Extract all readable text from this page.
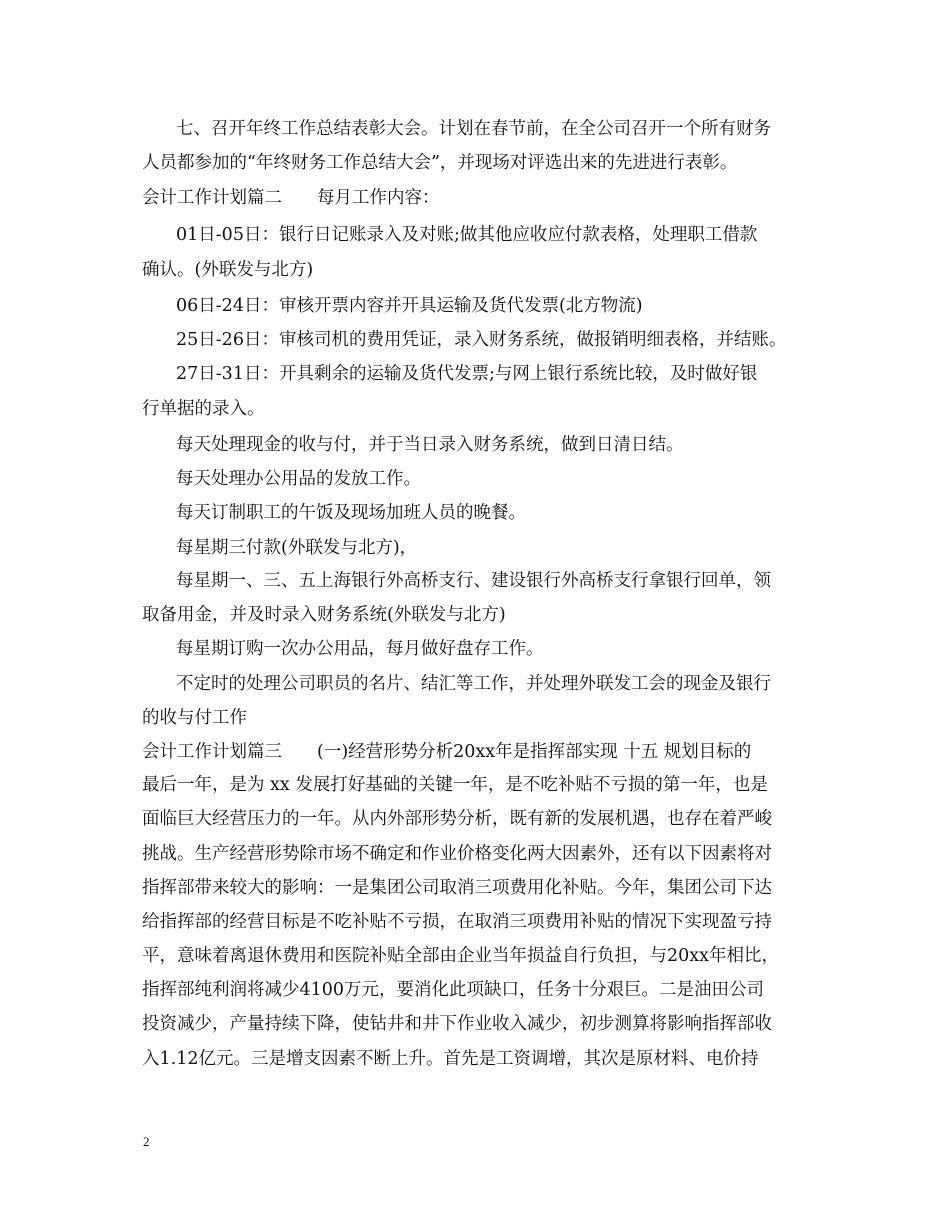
七、召开年终工作总结表彰大会。计划在春节前，在全公司召开一个所有财务
人员都参加的“年终财务工作总结大会”，并现场对评选出来的先进进行表彰。
会计工作计划篇二　　每月工作内容：
01日-05日：银行日记账录入及对账;做其他应收应付款表格，处理职工借款
确认。(外联发与北方)
06日-24日：审核开票内容并开具运输及货代发票(北方物流)
25日-26日：审核司机的费用凭证，录入财务系统，做报销明细表格，并结账。
27日-31日：开具剩余的运输及货代发票;与网上银行系统比较，及时做好银
行单据的录入。
每天处理现金的收与付，并于当日录入财务系统，做到日清日结。
每天处理办公用品的发放工作。
每天订制职工的午饭及现场加班人员的晚餐。
每星期三付款(外联发与北方)，
每星期一、三、五上海银行外高桥支行、建设银行外高桥支行拿银行回单，领
取备用金，并及时录入财务系统(外联发与北方)
每星期订购一次办公用品，每月做好盘存工作。
不定时的处理公司职员的名片、结汇等工作，并处理外联发工会的现金及银行
的收与付工作
会计工作计划篇三　　(一)经营形势分析20xx年是指挥部实现 十五 规划目标的
最后一年，是为 xx 发展打好基础的关键一年，是不吃补贴不亏损的第一年，也是
面临巨大经营压力的一年。从内外部形势分析，既有新的发展机遇，也存在着严峻
挑战。生产经营形势除市场不确定和作业价格变化两大因素外，还有以下因素将对
指挥部带来较大的影响：一是集团公司取消三项费用化补贴。今年，集团公司下达
给指挥部的经营目标是不吃补贴不亏损，在取消三项费用补贴的情况下实现盈亏持
平，意味着离退休费用和医院补贴全部由企业当年损益自行负担，与20xx年相比，
指挥部纯利润将减少4100万元，要消化此项缺口，任务十分艰巨。二是油田公司
投资减少，产量持续下降，使钻井和井下作业收入减少，初步测算将影响指挥部收
入1.12亿元。三是增支因素不断上升。首先是工资调增，其次是原材料、电价持
2
